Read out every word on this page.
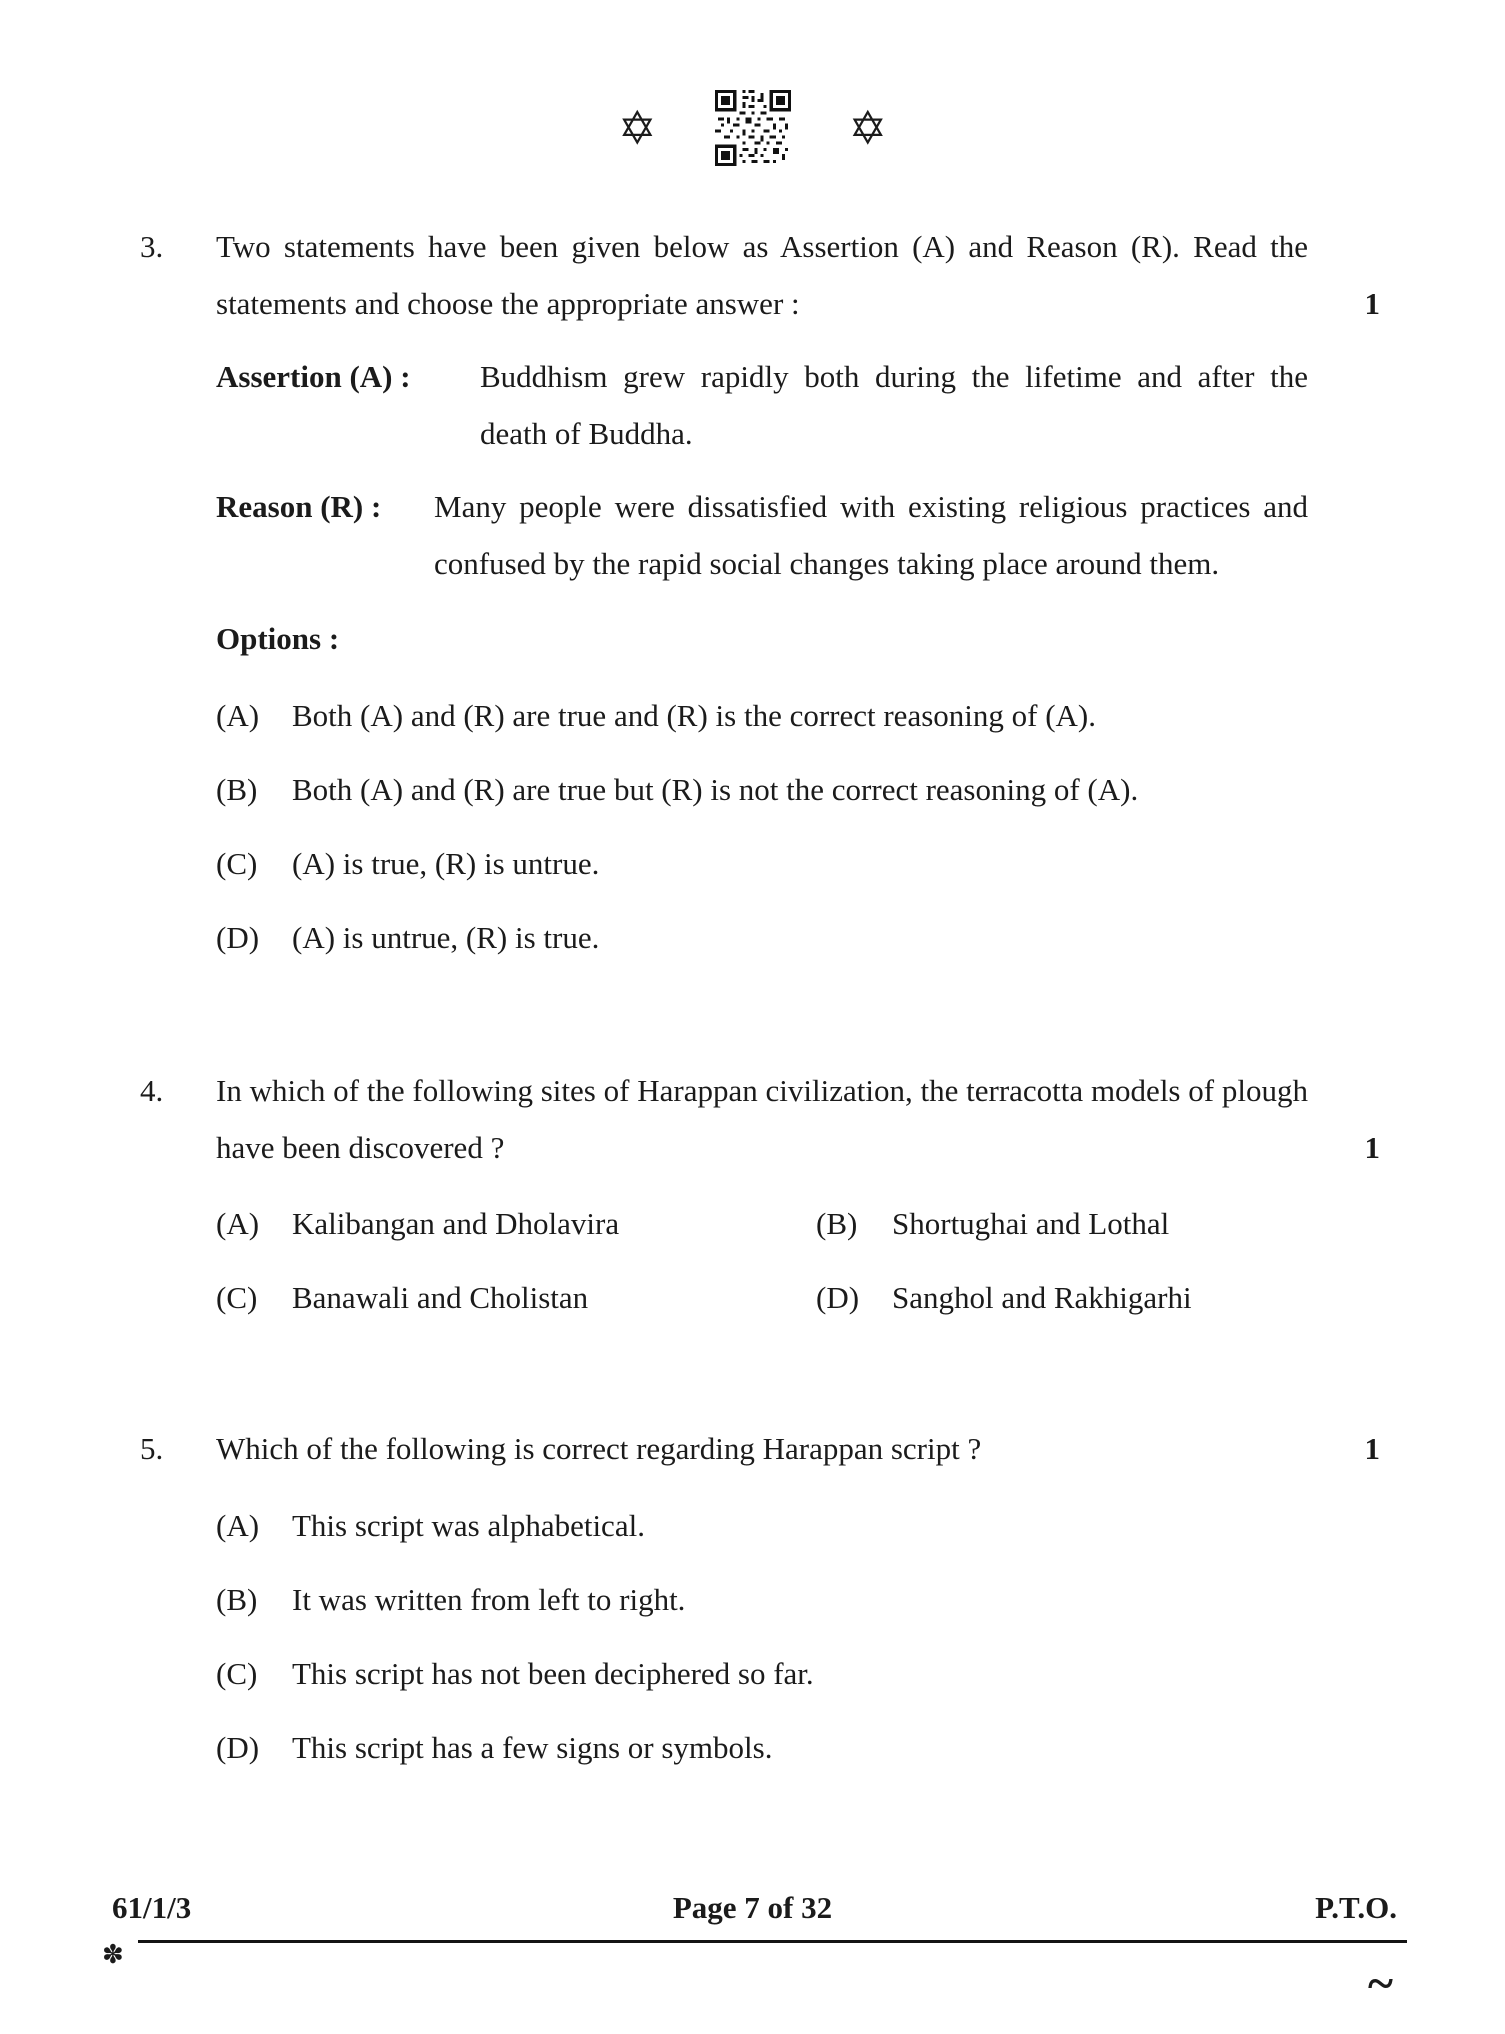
✡	✡
3.	Two statements have been given below as Assertion (A) and Reason (R). Read the statements and choose the appropriate answer :	1
Assertion (A) :	Buddhism grew rapidly both during the lifetime and after the death of Buddha.
Reason (R) :	Many people were dissatisfied with existing religious practices and confused by the rapid social changes taking place around them.
Options :
(A)	Both (A) and (R) are true and (R) is the correct reasoning of (A).
(B)	Both (A) and (R) are true but (R) is not the correct reasoning of (A).
(C)	(A) is true, (R) is untrue.
(D)	(A) is untrue, (R) is true.
4.	In which of the following sites of Harappan civilization, the terracotta models of plough have been discovered ?	1
(A)	Kalibangan and Dholavira	(B)	Shortughai and Lothal
(C)	Banawali and Cholistan	(D)	Sanghol and Rakhigarhi
5.	Which of the following is correct regarding Harappan script ?	1
(A)	This script was alphabetical.
(B)	It was written from left to right.
(C)	This script has not been deciphered so far.
(D)	This script has a few signs or symbols.
61/1/3	Page 7 of 32	P.T.O.
✽
~
